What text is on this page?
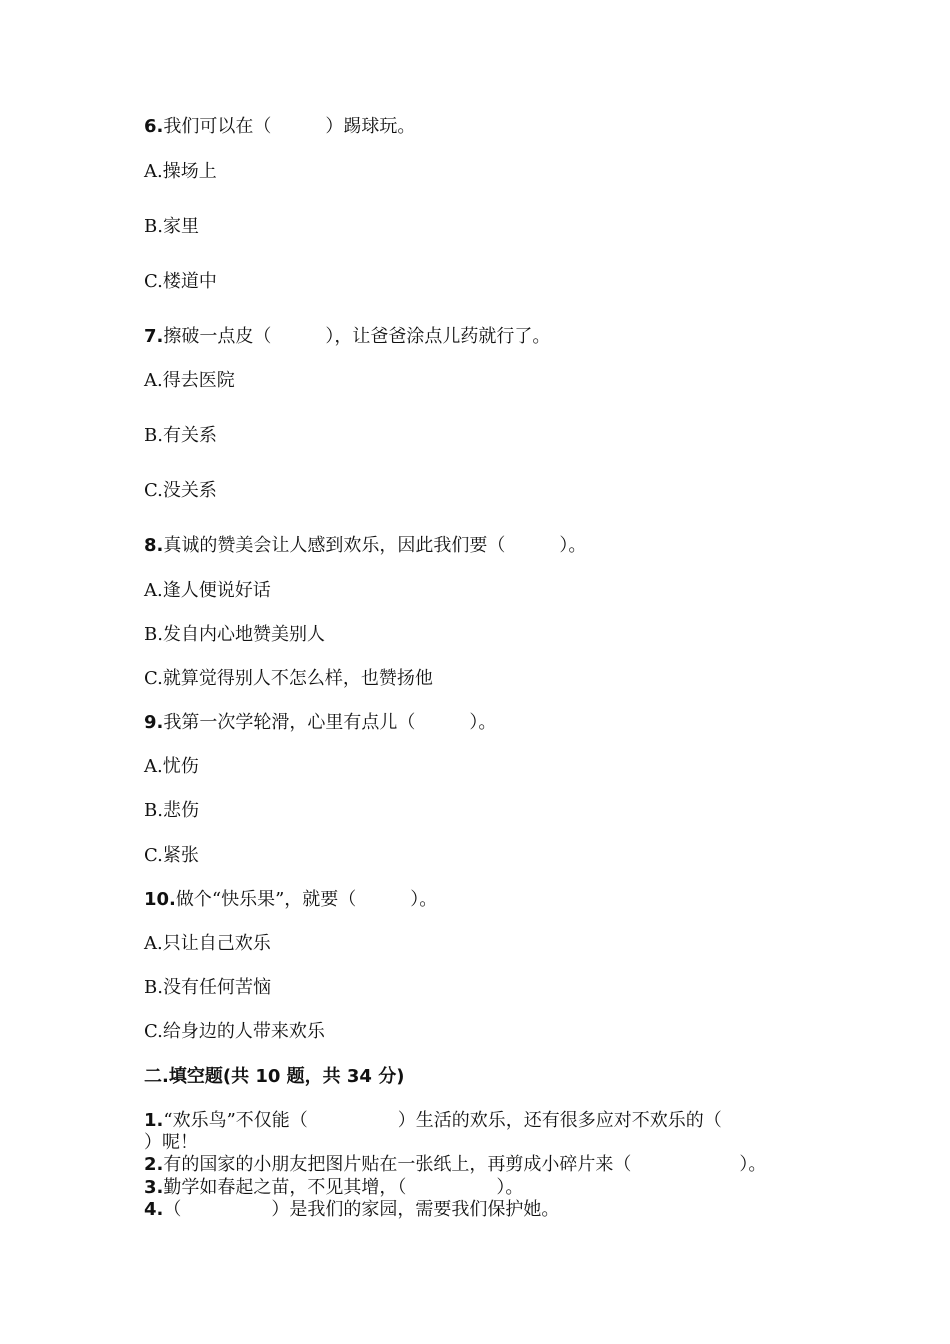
6.我们可以在（　　　）踢球玩。
A.操场上
B.家里
C.楼道中
7.擦破一点皮（　　　），让爸爸涂点儿药就行了。
A.得去医院
B.有关系
C.没关系
8.真诚的赞美会让人感到欢乐，因此我们要（　　　）。
A.逢人便说好话
B.发自内心地赞美别人
C.就算觉得别人不怎么样，也赞扬他
9.我第一次学轮滑，心里有点儿（　　　）。
A.忧伤
B.悲伤
C.紧张
10.做个“快乐果”，就要（　　　）。
A.只让自己欢乐
B.没有任何苦恼
C.给身边的人带来欢乐
二.填空题(共 10 题，共 34 分)
1.“欢乐鸟”不仅能（　　　　　）生活的欢乐，还有很多应对不欢乐的（
）呢！
2.有的国家的小朋友把图片贴在一张纸上，再剪成小碎片来（　　　　　　）。
3.勤学如春起之苗，不见其增，（　　　　　）。
4.（　　　　　）是我们的家园，需要我们保护她。
